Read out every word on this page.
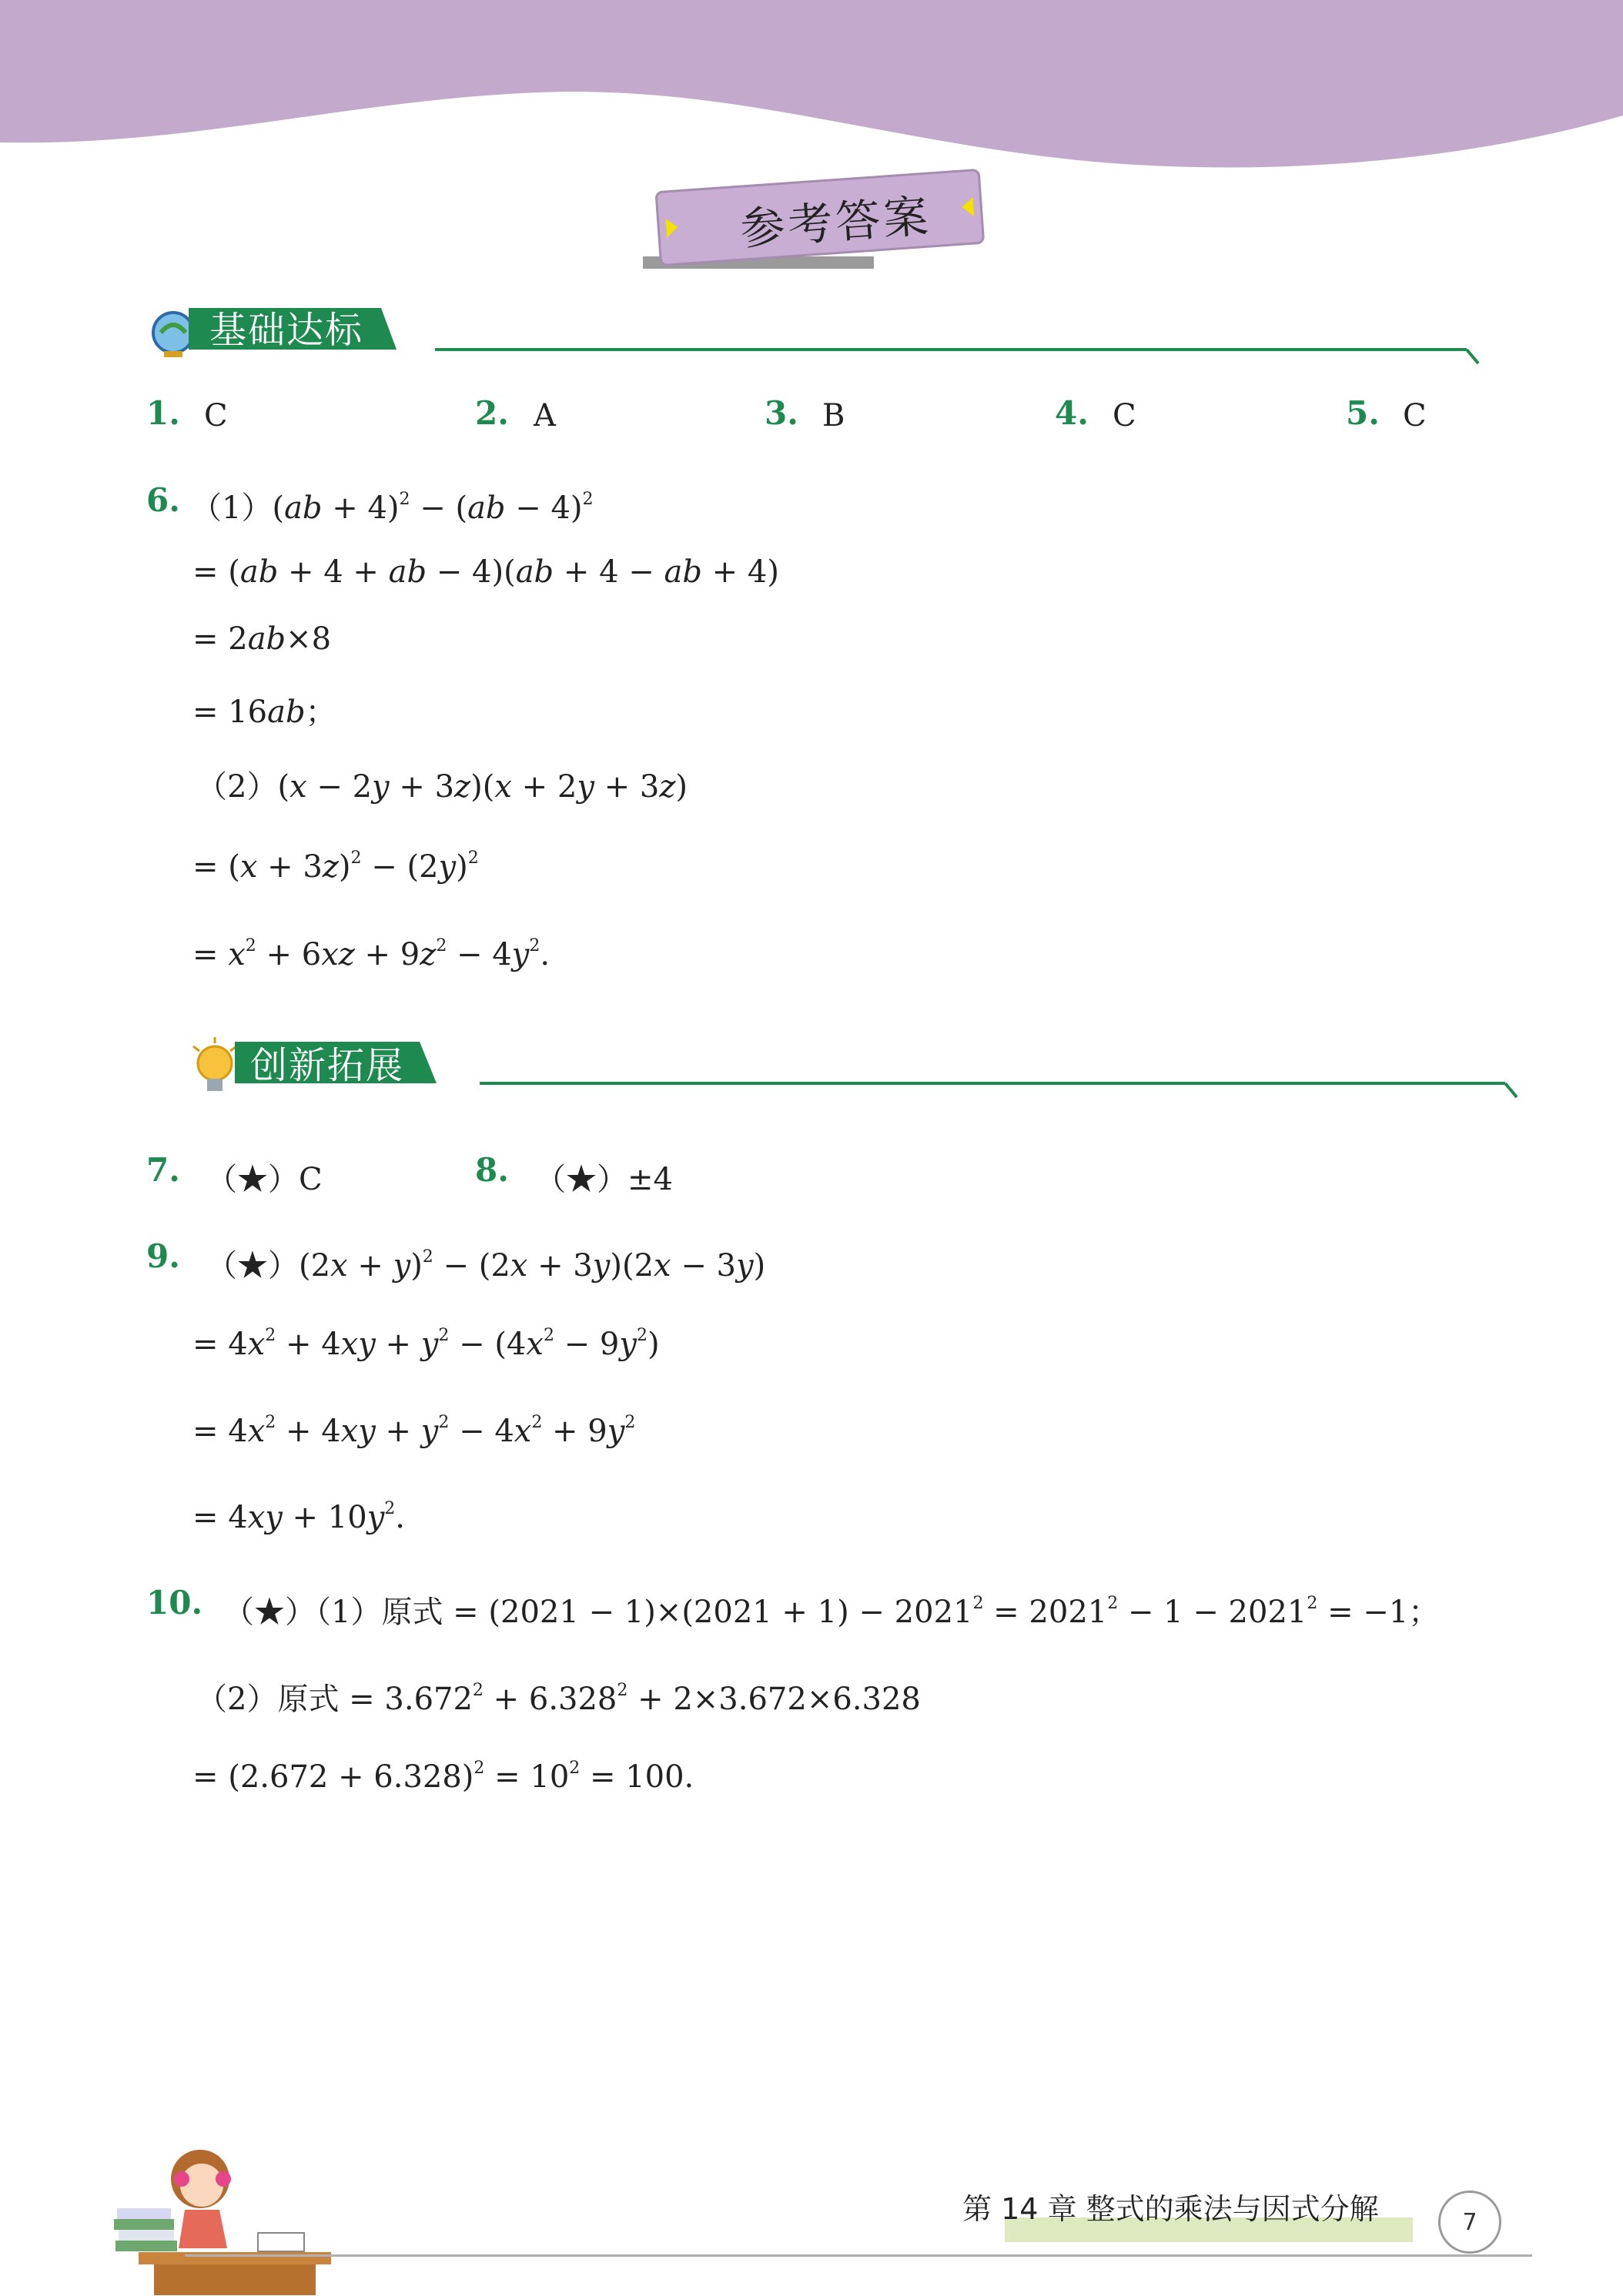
参考答案
基础达标
1. C	2. A	3. B	4. C	5. C
6. （1）(ab + 4)$^2$ − (ab − 4)$^2$
= (ab + 4 + ab − 4)(ab + 4 − ab + 4)
= 2ab×8
= 16ab；
（2）(x − 2y + 3z)(x + 2y + 3z)
= $(x + 3z)^2 - (2y)^2$
= $x^2 + 6xz + 9z^2 - 4y^2$.
创新拓展
7. （★）C	8. （★）±4
9. （★）(2x + y)$^2$ − (2x + 3y)(2x − 3y)
= $4x^2 + 4xy + y^2 - (4x^2 - 9y^2)$
= $4x^2 + 4xy + y^2 - 4x^2 + 9y^2$
= $4xy + 10y^2$.
10. （★）（1）原式 = $(2021 - 1)\times(2021 + 1) - 2021^2 = 2021^2 - 1 - 2021^2 = -1$；
（2）原式 = $3.672^2 + 6.328^2 + 2\times 3.672\times 6.328$
= $(2.672 + 6.328)^2 = 10^2 = 100$.
第 14 章 整式的乘法与因式分解	7
